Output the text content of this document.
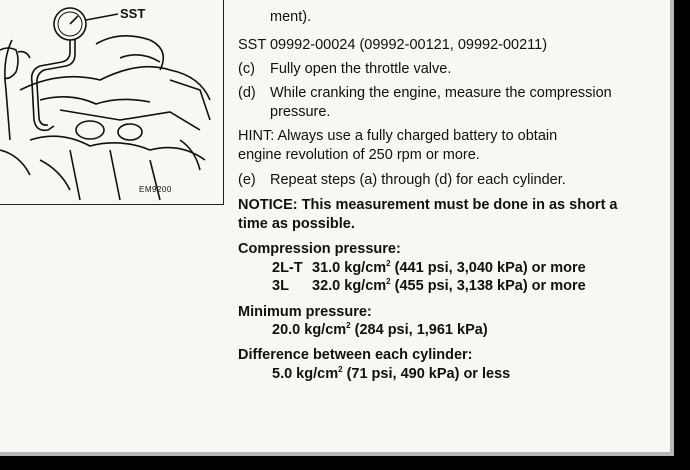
SST
EM9200

ment).
SST 09992-00024 (09992-00121, 09992-00211)
(c) Fully open the throttle valve.
(d) While cranking the engine, measure the compression
pressure.
HINT: Always use a fully charged battery to obtain
engine revolution of 250 rpm or more.
(e) Repeat steps (a) through (d) for each cylinder.
NOTICE: This measurement must be done in as short a
time as possible.
Compression pressure:
2L-T 31.0 $kg/cm^2$ (441 psi, 3,040 kPa) or more
3L 32.0 $kg/cm^2$ (455 psi, 3,138 kPa) or more
Minimum pressure:
20.0 $kg/cm^2$ (284 psi, 1,961 kPa)
Difference between each cylinder:
5.0 $kg/cm^2$ (71 psi, 490 kPa) or less
